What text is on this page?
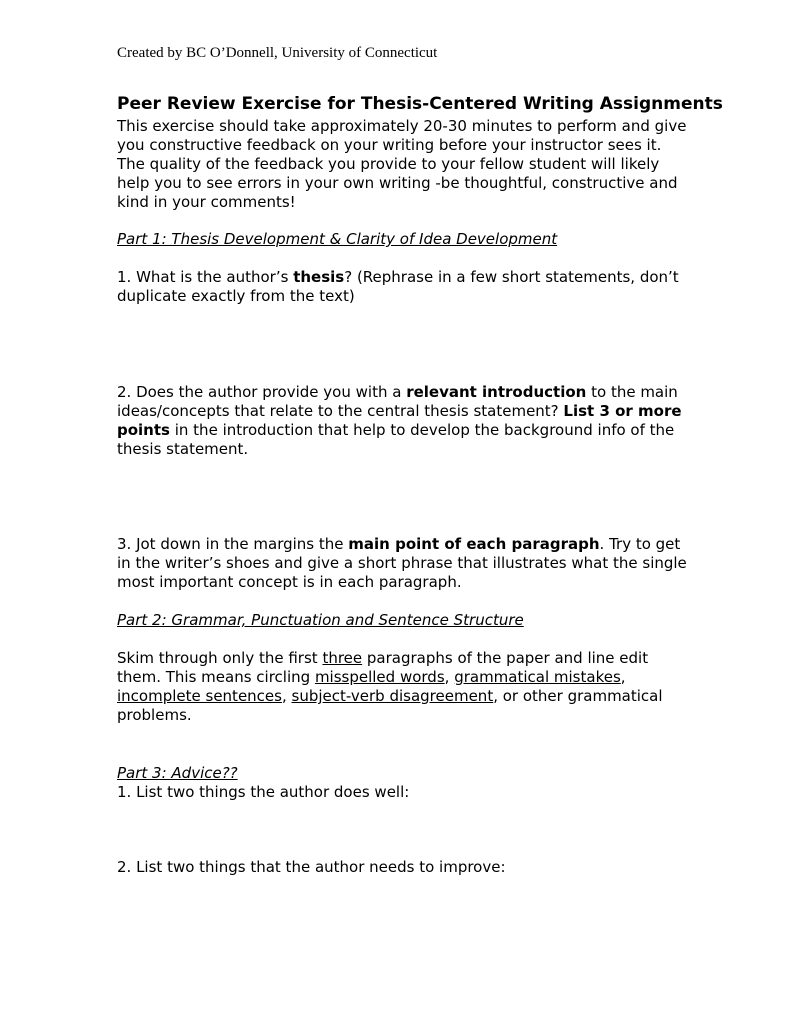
Created by BC O’Donnell, University of Connecticut
Peer Review Exercise for Thesis-Centered Writing Assignments
This exercise should take approximately 20-30 minutes to perform and give
you constructive feedback on your writing before your instructor sees it.
The quality of the feedback you provide to your fellow student will likely
help you to see errors in your own writing -be thoughtful, constructive and
kind in your comments!
Part 1: Thesis Development & Clarity of Idea Development
1. What is the author’s thesis? (Rephrase in a few short statements, don’t
duplicate exactly from the text)
2. Does the author provide you with a relevant introduction to the main
ideas/concepts that relate to the central thesis statement? List 3 or more
points in the introduction that help to develop the background info of the
thesis statement.
3. Jot down in the margins the main point of each paragraph. Try to get
in the writer’s shoes and give a short phrase that illustrates what the single
most important concept is in each paragraph.
Part 2: Grammar, Punctuation and Sentence Structure
Skim through only the first three paragraphs of the paper and line edit
them. This means circling misspelled words, grammatical mistakes,
incomplete sentences, subject-verb disagreement, or other grammatical
problems.
Part 3: Advice??
1. List two things the author does well:
2. List two things that the author needs to improve:
